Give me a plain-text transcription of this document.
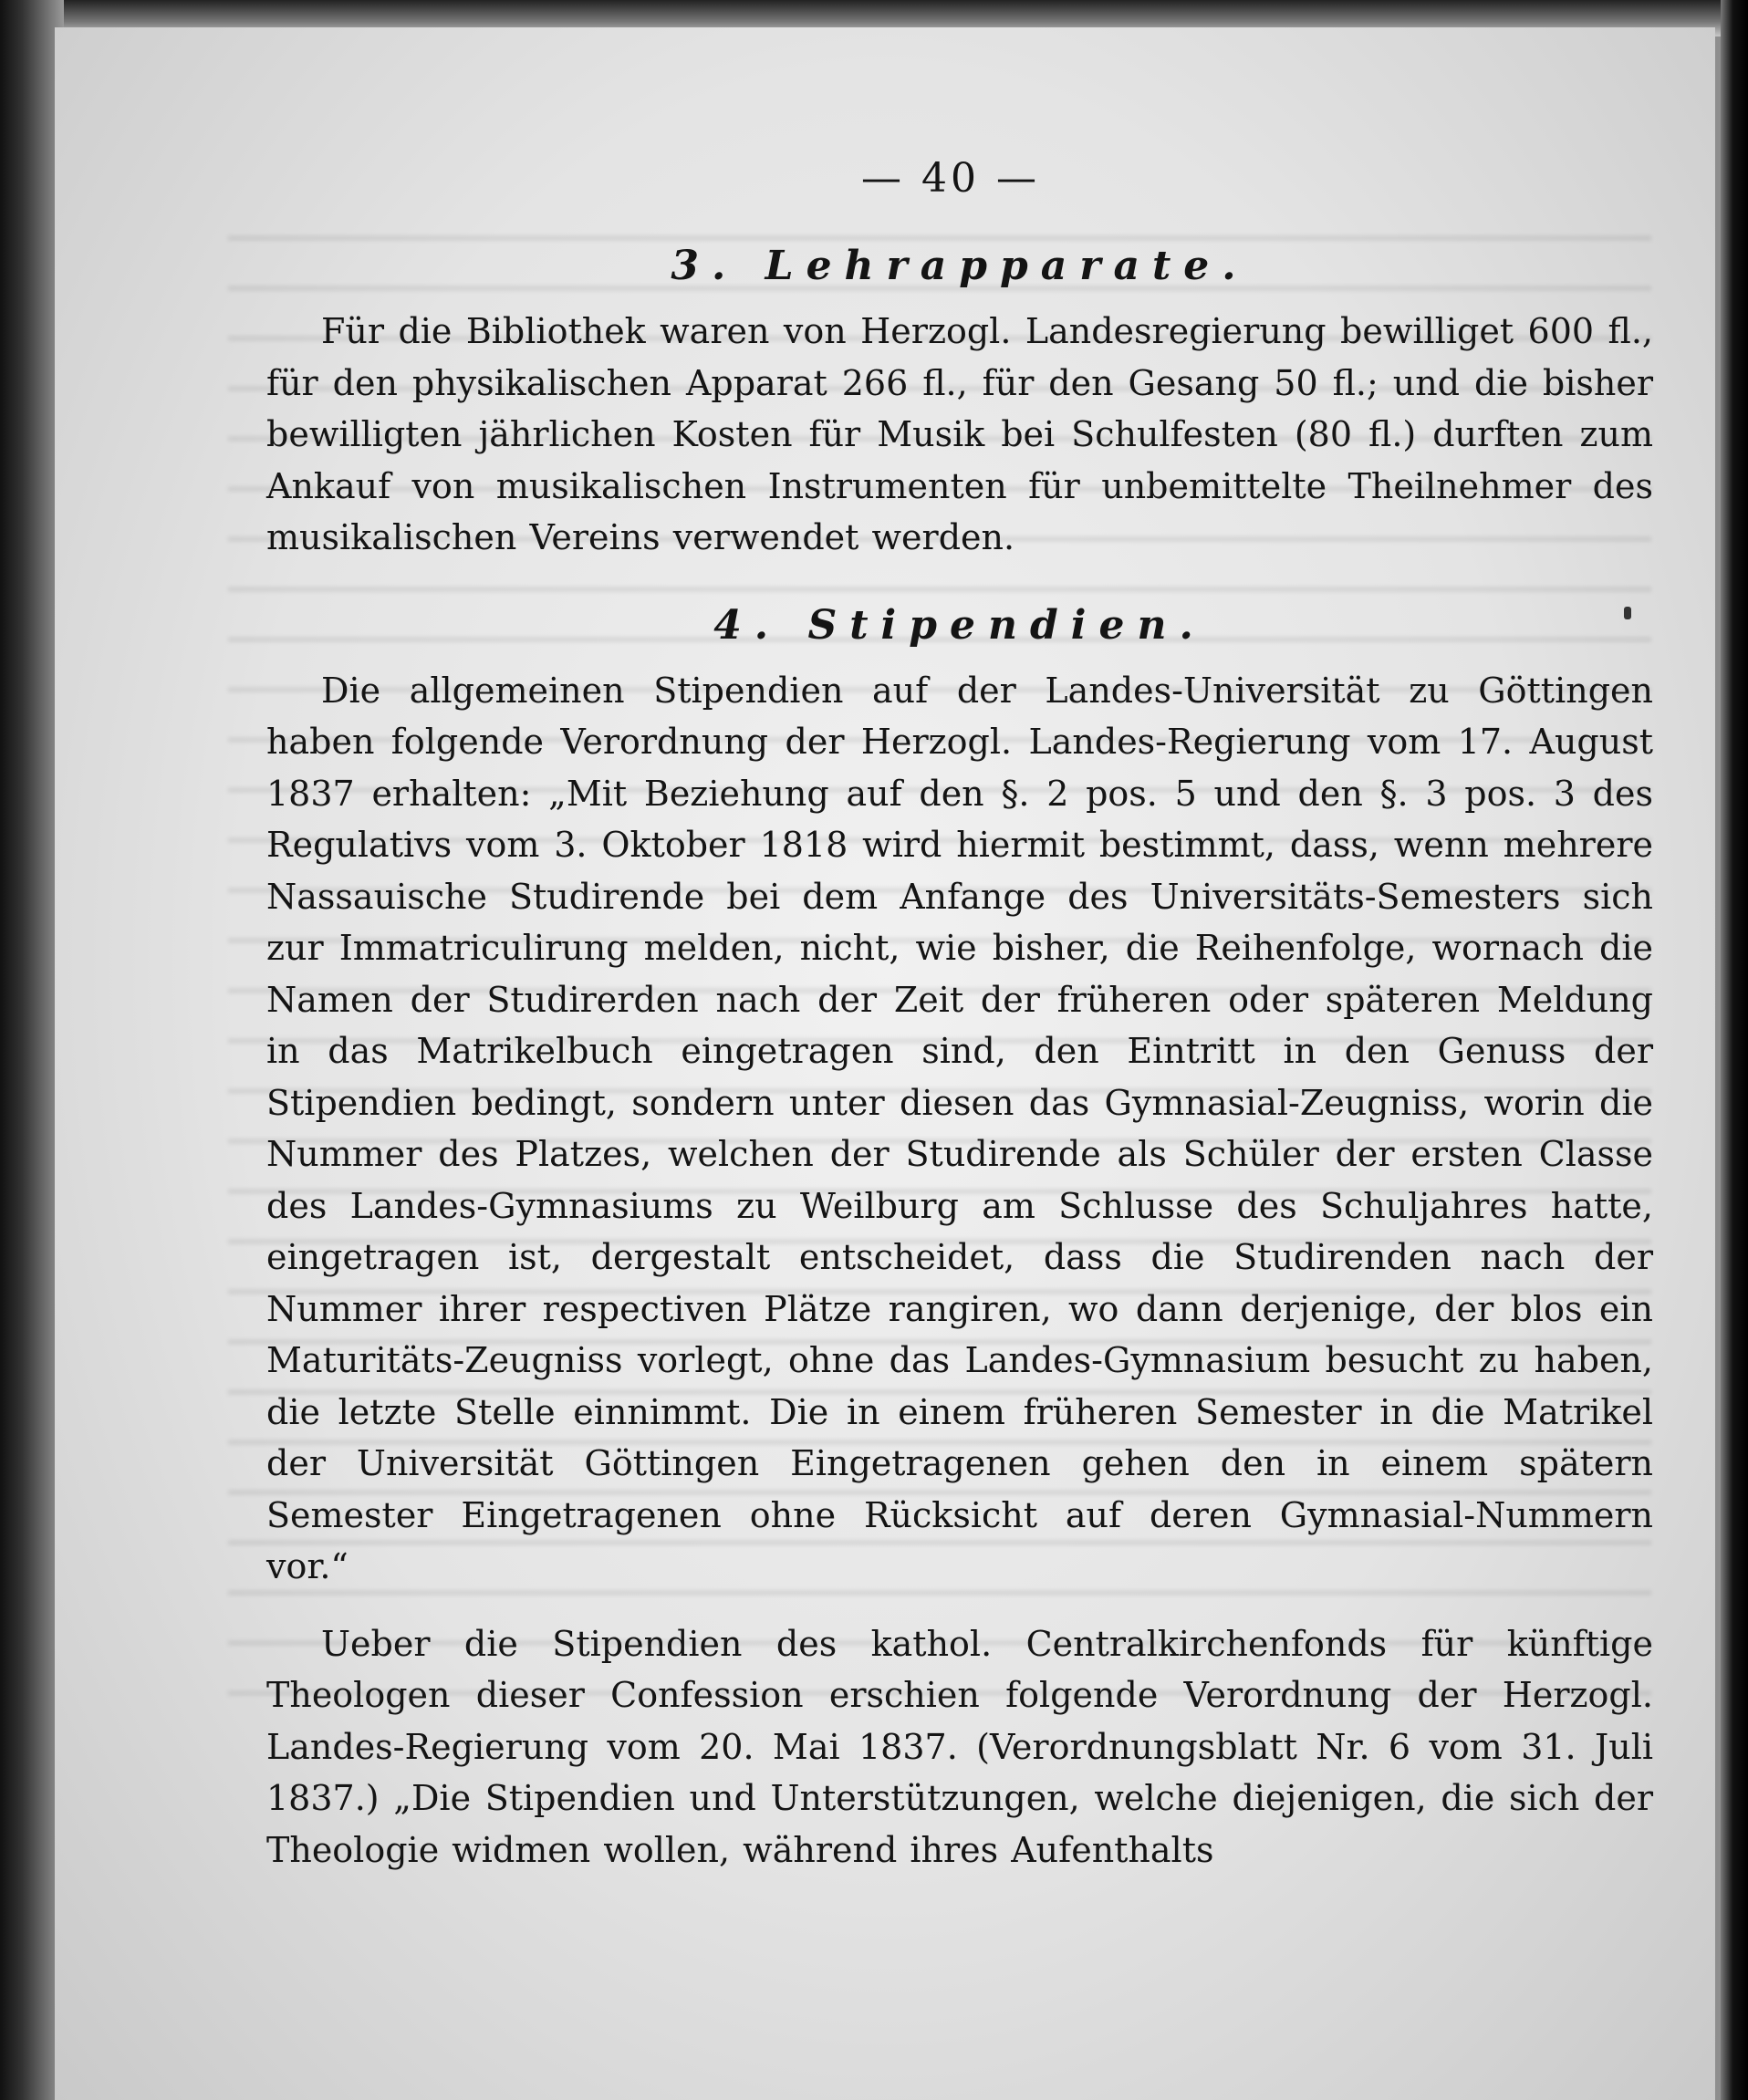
— 40 —
3. Lehrapparate.

Für die Bibliothek waren von Herzogl. Landesregierung bewilliget 600 fl., für den physikalischen Apparat 266 fl., für den Gesang 50 fl.; und die bisher bewilligten jährlichen Kosten für Musik bei Schulfesten (80 fl.) durften zum Ankauf von musikalischen Instrumenten für unbemittelte Theilnehmer des musikalischen Vereins verwendet werden.

4. Stipendien.

Die allgemeinen Stipendien auf der Landes-Universität zu Göttingen haben folgende Verordnung der Herzogl. Landes-Regierung vom 17. August 1837 erhalten: „Mit Beziehung auf den §. 2 pos. 5 und den §. 3 pos. 3 des Regulativs vom 3. Oktober 1818 wird hiermit bestimmt, dass, wenn mehrere Nassauische Studirende bei dem Anfange des Universitäts-Semesters sich zur Immatriculirung melden, nicht, wie bisher, die Reihenfolge, wornach die Namen der Studirerden nach der Zeit der früheren oder späteren Meldung in das Matrikelbuch eingetragen sind, den Eintritt in den Genuss der Stipendien bedingt, sondern unter diesen das Gymnasial-Zeugniss, worin die Nummer des Platzes, welchen der Studirende als Schüler der ersten Classe des Landes-Gymnasiums zu Weilburg am Schlusse des Schuljahres hatte, eingetragen ist, dergestalt entscheidet, dass die Studirenden nach der Nummer ihrer respectiven Plätze rangiren, wo dann derjenige, der blos ein Maturitäts-Zeugniss vorlegt, ohne das Landes-Gymnasium besucht zu haben, die letzte Stelle einnimmt. Die in einem früheren Semester in die Matrikel der Universität Göttingen Eingetragenen gehen den in einem spätern Semester Eingetragenen ohne Rücksicht auf deren Gymnasial-Nummern vor.“

Ueber die Stipendien des kathol. Centralkirchenfonds für künftige Theologen dieser Confession erschien folgende Verordnung der Herzogl. Landes-Regierung vom 20. Mai 1837. (Verordnungsblatt Nr. 6 vom 31. Juli 1837.) „Die Stipendien und Unterstützungen, welche diejenigen, die sich der Theologie widmen wollen, während ihres Aufenthalts
